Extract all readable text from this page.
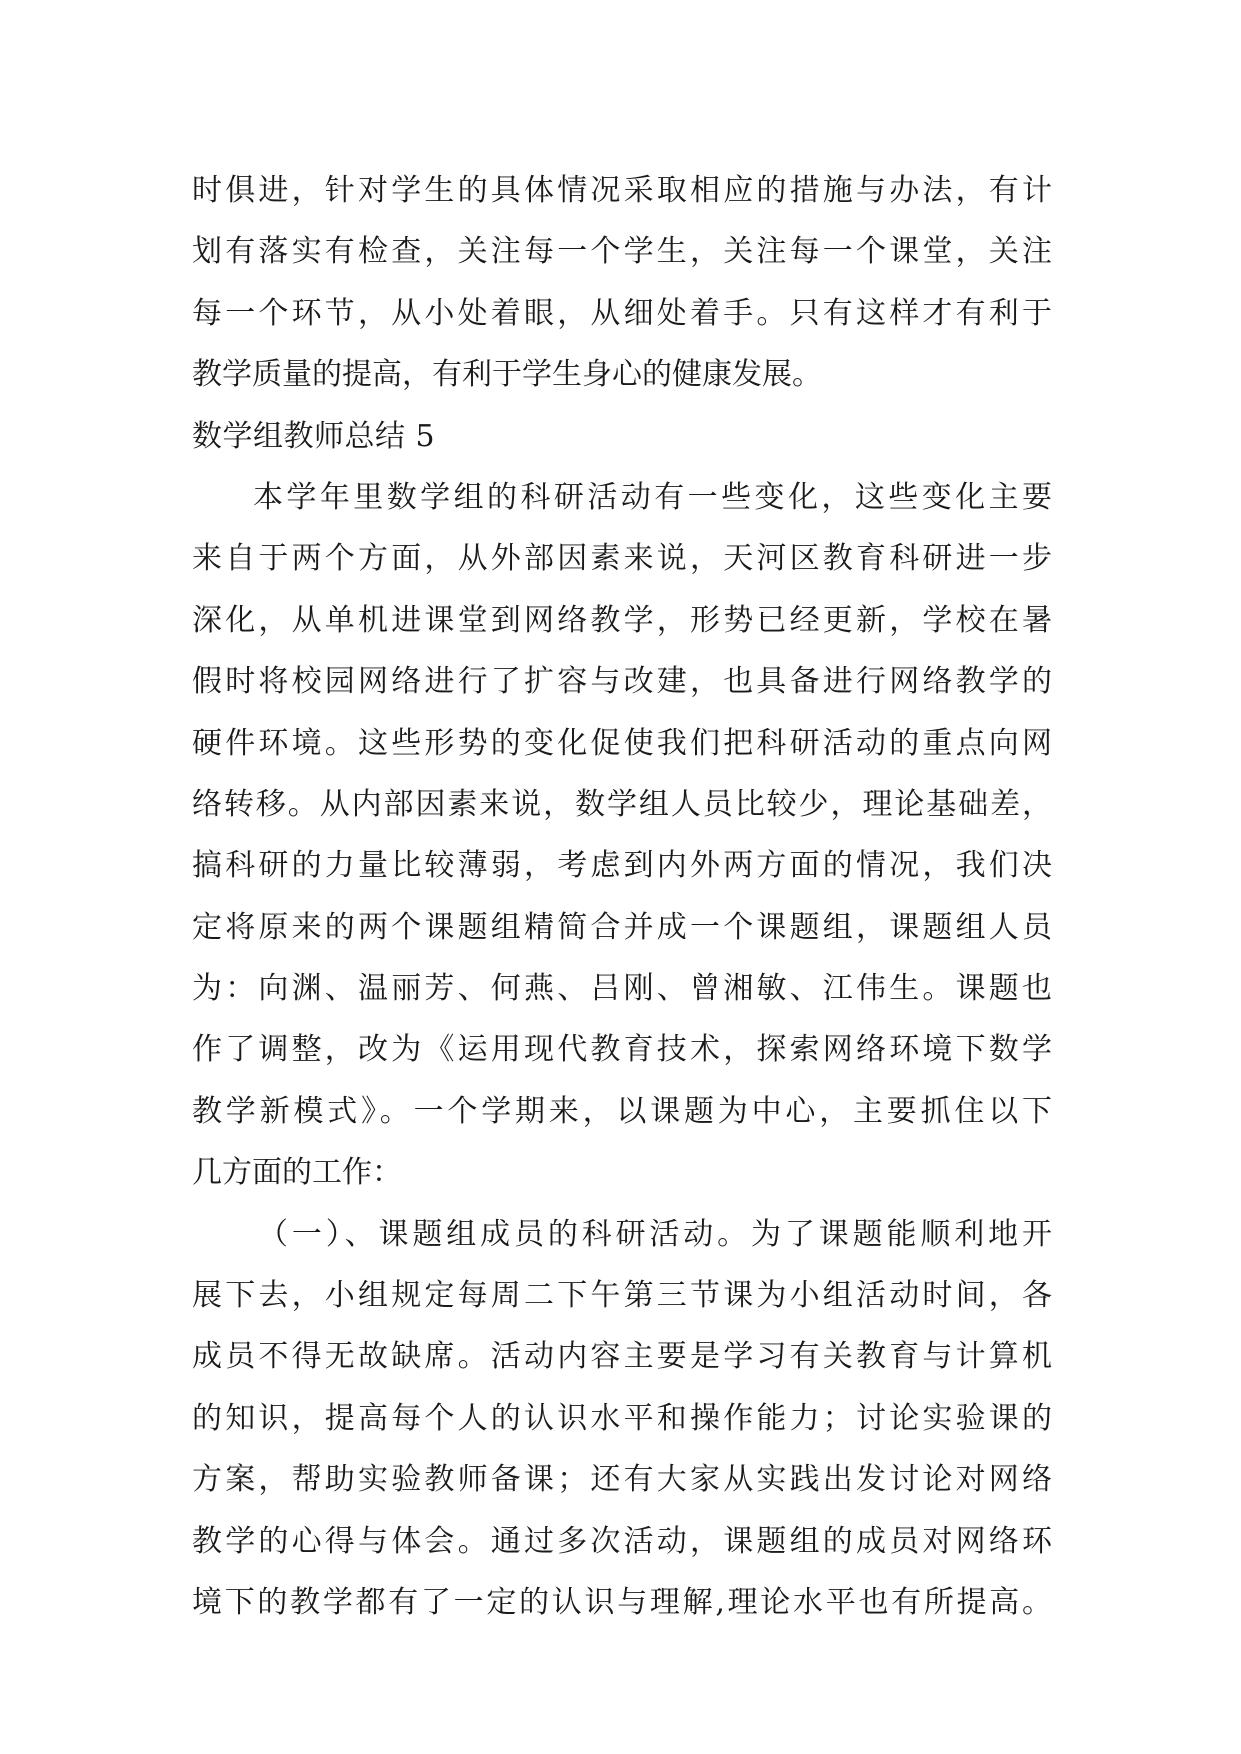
时俱进，针对学生的具体情况采取相应的措施与办法，有计
划有落实有检查，关注每一个学生，关注每一个课堂，关注
每一个环节，从小处着眼，从细处着手。只有这样才有利于
教学质量的提高，有利于学生身心的健康发展。
数学组教师总结 5
本学年里数学组的科研活动有一些变化，这些变化主要
来自于两个方面，从外部因素来说，天河区教育科研进一步
深化，从单机进课堂到网络教学，形势已经更新，学校在暑
假时将校园网络进行了扩容与改建，也具备进行网络教学的
硬件环境。这些形势的变化促使我们把科研活动的重点向网
络转移。从内部因素来说，数学组人员比较少，理论基础差，
搞科研的力量比较薄弱，考虑到内外两方面的情况，我们决
定将原来的两个课题组精简合并成一个课题组，课题组人员
为：向渊、温丽芳、何燕、吕刚、曾湘敏、江伟生。课题也
作了调整，改为《运用现代教育技术，探索网络环境下数学
教学新模式》。一个学期来，以课题为中心，主要抓住以下
几方面的工作：
（一）、课题组成员的科研活动。为了课题能顺利地开
展下去，小组规定每周二下午第三节课为小组活动时间，各
成员不得无故缺席。活动内容主要是学习有关教育与计算机
的知识，提高每个人的认识水平和操作能力；讨论实验课的
方案，帮助实验教师备课；还有大家从实践出发讨论对网络
教学的心得与体会。通过多次活动，课题组的成员对网络环
境下的教学都有了一定的认识与理解,理论水平也有所提高。
